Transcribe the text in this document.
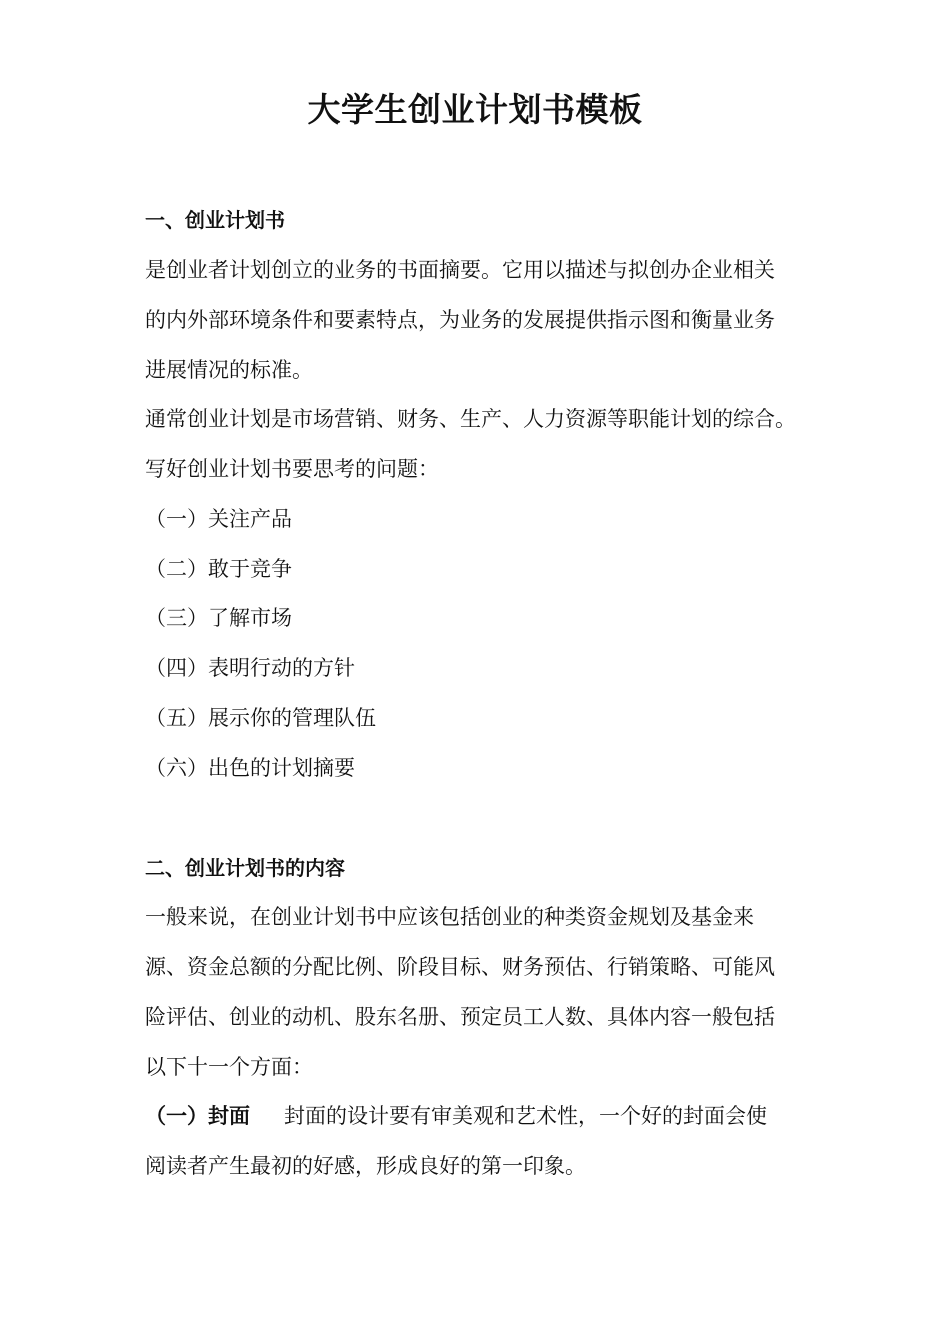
大学生创业计划书模板
一、创业计划书
是创业者计划创立的业务的书面摘要。它用以描述与拟创办企业相关
的内外部环境条件和要素特点，为业务的发展提供指示图和衡量业务
进展情况的标准。
通常创业计划是市场营销、财务、生产、人力资源等职能计划的综合。
写好创业计划书要思考的问题：
（一）关注产品
（二）敢于竞争
（三）了解市场
（四）表明行动的方针
（五）展示你的管理队伍
（六）出色的计划摘要
二、创业计划书的内容
一般来说，在创业计划书中应该包括创业的种类资金规划及基金来
源、资金总额的分配比例、阶段目标、财务预估、行销策略、可能风
险评估、创业的动机、股东名册、预定员工人数、具体内容一般包括
以下十一个方面：
（一）封面 封面的设计要有审美观和艺术性，一个好的封面会使
阅读者产生最初的好感，形成良好的第一印象。
